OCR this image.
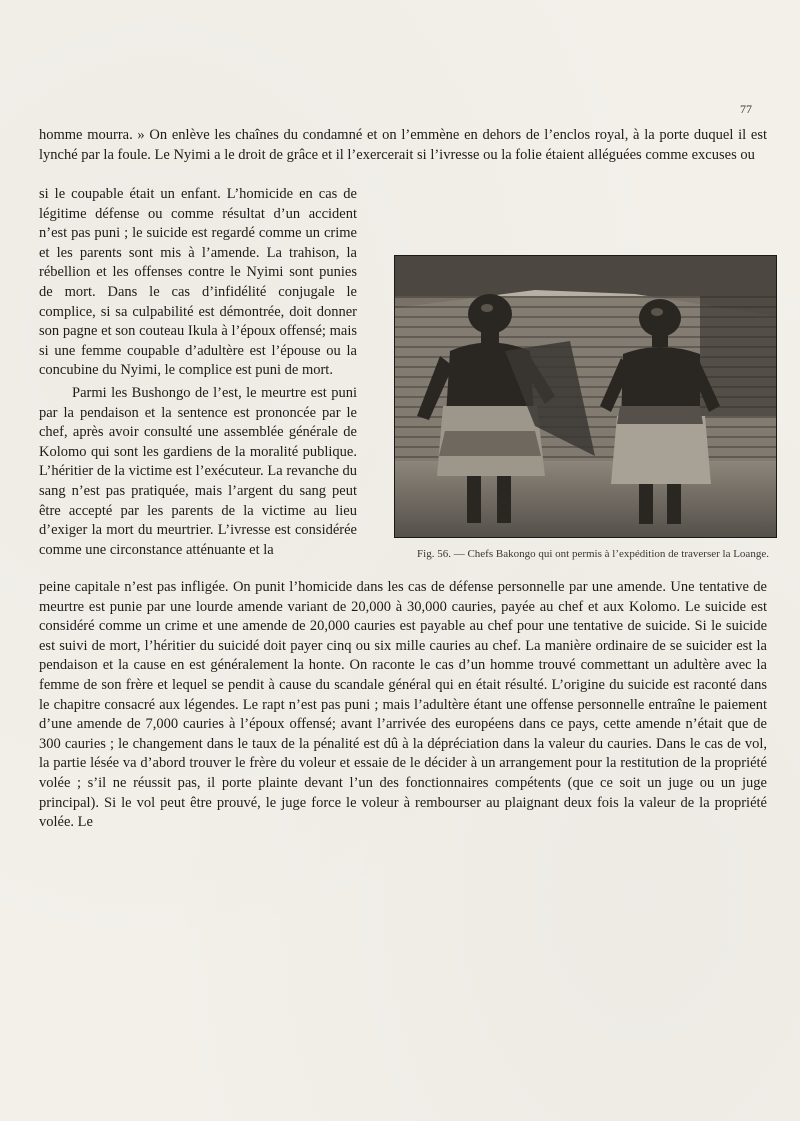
77
homme mourra. » On enlève les chaînes du condamné et on l’emmène en dehors de l’enclos royal, à la porte duquel il est lynché par la foule. Le Nyimi a le droit de grâce et il l’exercerait si l’ivresse ou la folie étaient alléguées comme excuses ou
si le coupable était un enfant. L’homicide en cas de légitime défense ou comme résultat d’un accident n’est pas puni ; le suicide est regardé comme un crime et les parents sont mis à l’amende. La trahison, la rébellion et les offenses contre le Nyimi sont punies de mort. Dans le cas d’infidélité conjugale le complice, si sa culpabilité est démontrée, doit donner son pagne et son couteau Ikula à l’époux offensé; mais si une femme coupable d’adultère est l’épouse ou la concubine du Nyimi, le complice est puni de mort.
Fig. 56. — Chefs Bakongo qui ont permis à l’expédition de traverser la Loange.
Parmi les Bushongo de l’est, le meurtre est puni par la pendaison et la sentence est prononcée par le chef, après avoir consulté une assemblée générale de Kolomo qui sont les gardiens de la moralité publique. L’héritier de la victime est l’exécuteur. La revanche du sang n’est pas pratiquée, mais l’argent du sang peut être accepté par les parents de la victime au lieu d’exiger la mort du meurtrier. L’ivresse est considérée comme une circonstance atténuante et la
peine capitale n’est pas infligée. On punit l’homicide dans les cas de défense personnelle par une amende. Une tentative de meurtre est punie par une lourde amende variant de 20,000 à 30,000 cauries, payée au chef et aux Kolomo. Le suicide est considéré comme un crime et une amende de 20,000 cauries est payable au chef pour une tentative de suicide. Si le suicide est suivi de mort, l’héritier du suicidé doit payer cinq ou six mille cauries au chef. La manière ordinaire de se suicider est la pendaison et la cause en est généralement la honte. On raconte le cas d’un homme trouvé commettant un adultère avec la femme de son frère et lequel se pendit à cause du scandale général qui en était résulté. L’origine du suicide est raconté dans le chapitre consacré aux légendes. Le rapt n’est pas puni ; mais l’adultère étant une offense personnelle entraîne le paiement d’une amende de 7,000 cauries à l’époux offensé; avant l’arrivée des européens dans ce pays, cette amende n’était que de 300 cauries ; le changement dans le taux de la pénalité est dû à la dépréciation dans la valeur du cauries. Dans le cas de vol, la partie lésée va d’abord trouver le frère du voleur et essaie de le décider à un arrangement pour la restitution de la propriété volée ; s’il ne réussit pas, il porte plainte devant l’un des fonctionnaires compétents (que ce soit un juge ou un juge principal). Si le vol peut être prouvé, le juge force le voleur à rembourser au plaignant deux fois la valeur de la propriété volée. Le
